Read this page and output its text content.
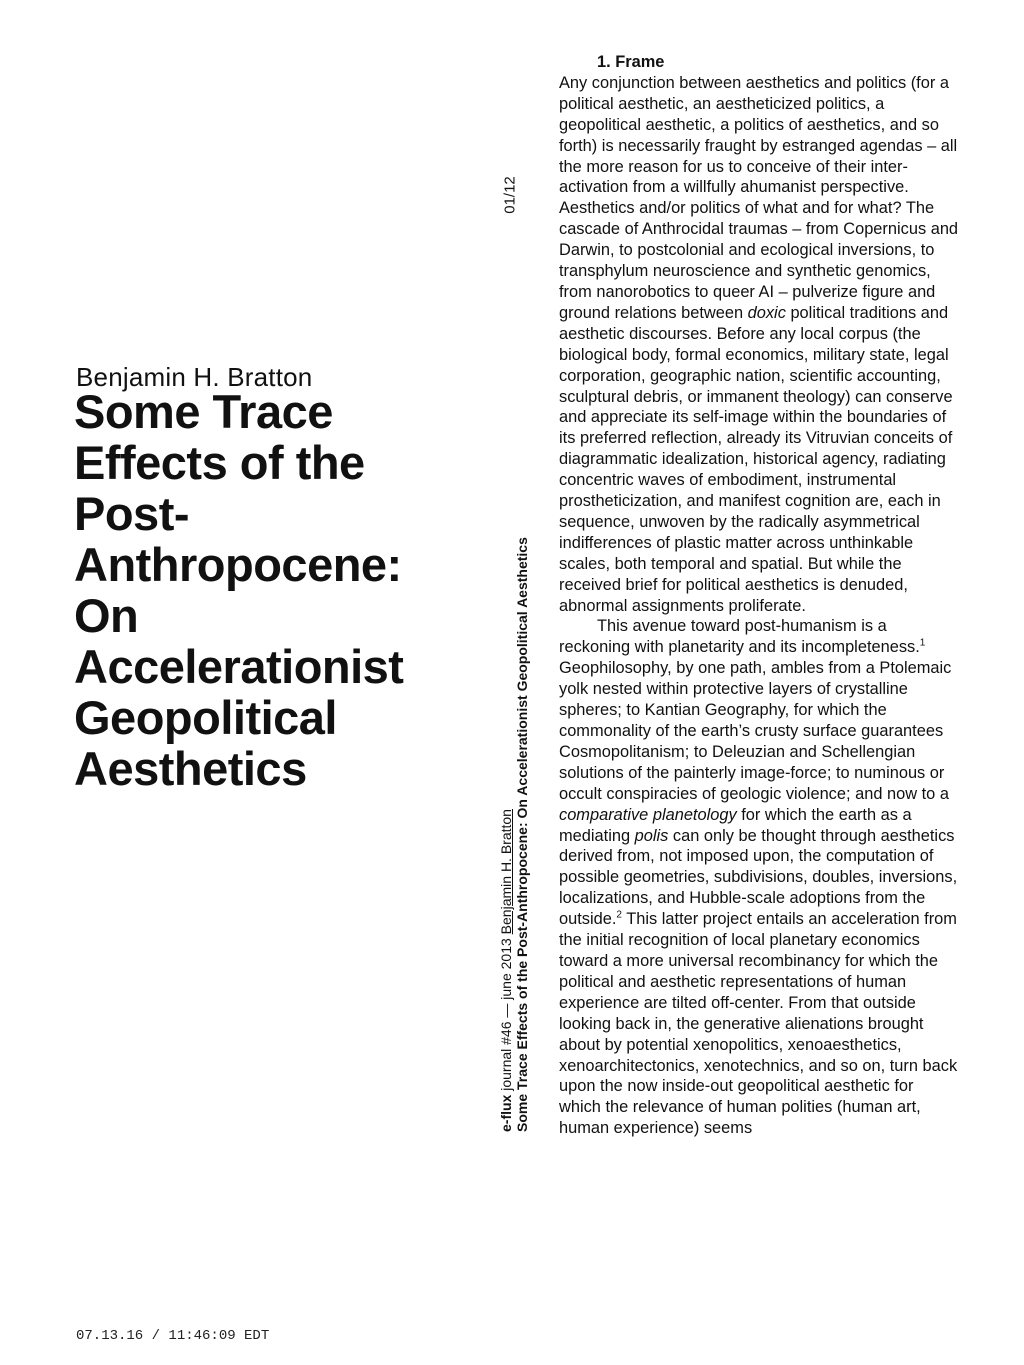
Benjamin H. Bratton
Some Trace
Effects of the
Post-
Anthropocene:
On
Accelerationist
Geopolitical
Aesthetics
01/12
e-flux journal #46 — june 2013 Benjamin H. Bratton Some Trace Effects of the Post-Anthropocene: On Accelerationist Geopolitical Aesthetics
1. Frame

Any conjunction between aesthetics and politics (for a political aesthetic, an aestheticized politics, a geopolitical aesthetic, a politics of aesthetics, and so forth) is necessarily fraught by estranged agendas – all the more reason for us to conceive of their inter-activation from a willfully ahumanist perspective. Aesthetics and/or politics of what and for what? The cascade of Anthrocidal traumas – from Copernicus and Darwin, to postcolonial and ecological inversions, to transphylum neuroscience and synthetic genomics, from nanorobotics to queer AI – pulverize figure and ground relations between doxic political traditions and aesthetic discourses. Before any local corpus (the biological body, formal economics, military state, legal corporation, geographic nation, scientific accounting, sculptural debris, or immanent theology) can conserve and appreciate its self-image within the boundaries of its preferred reflection, already its Vitruvian conceits of diagrammatic idealization, historical agency, radiating concentric waves of embodiment, instrumental prostheticization, and manifest cognition are, each in sequence, unwoven by the radically asymmetrical indifferences of plastic matter across unthinkable scales, both temporal and spatial. But while the received brief for political aesthetics is denuded, abnormal assignments proliferate.

This avenue toward post-humanism is a reckoning with planetarity and its incompleteness.$^1$ Geophilosophy, by one path, ambles from a Ptolemaic yolk nested within protective layers of crystalline spheres; to Kantian Geography, for which the commonality of the earth’s crusty surface guarantees Cosmopolitanism; to Deleuzian and Schellengian solutions of the painterly image-force; to numinous or occult conspiracies of geologic violence; and now to a comparative planetology for which the earth as a mediating polis can only be thought through aesthetics derived from, not imposed upon, the computation of possible geometries, subdivisions, doubles, inversions, localizations, and Hubble-scale adoptions from the outside.$^2$ This latter project entails an acceleration from the initial recognition of local planetary economics toward a more universal recombinancy for which the political and aesthetic representations of human experience are tilted off-center. From that outside looking back in, the generative alienations brought about by potential xenopolitics, xenoaesthetics, xenoarchitectonics, xenotechnics, and so on, turn back upon the now inside-out geopolitical aesthetic for which the relevance of human polities (human art, human experience) seems

07.13.16 / 11:46:09 EDT
